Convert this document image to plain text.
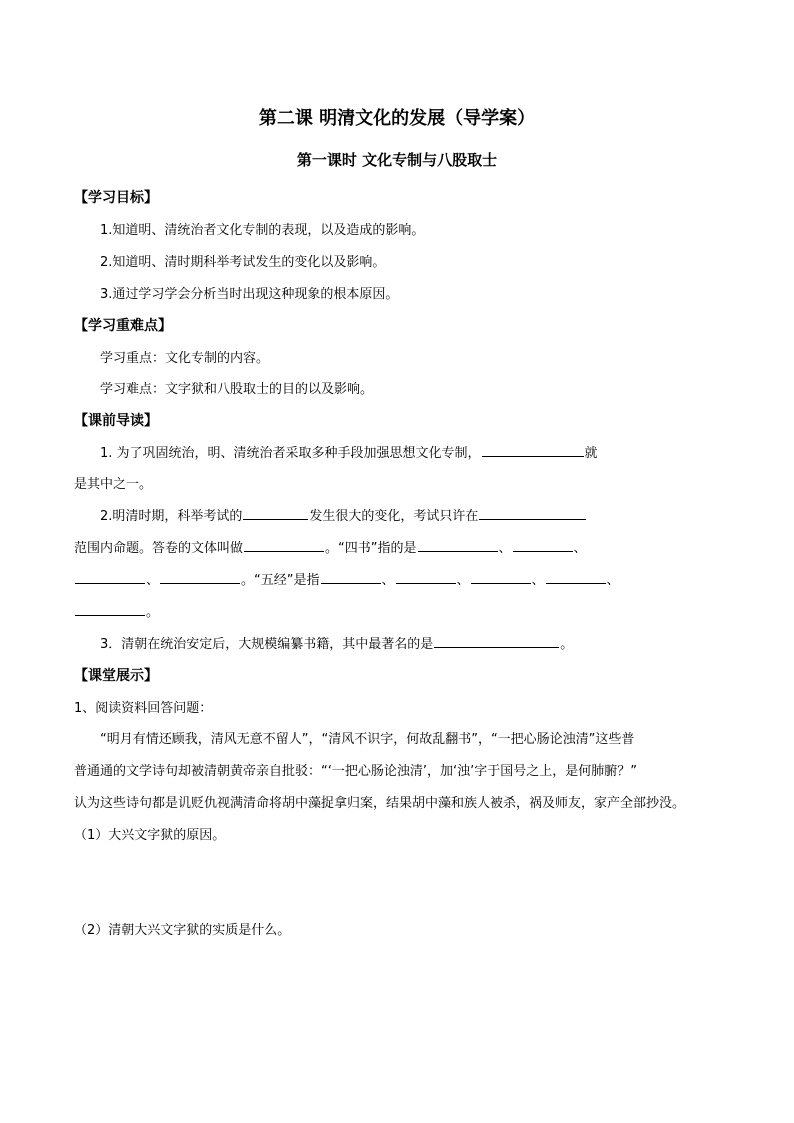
第二课 明清文化的发展（导学案）
第一课时 文化专制与八股取士
【学习目标】
1.知道明、清统治者文化专制的表现，以及造成的影响。
2.知道明、清时期科举考试发生的变化以及影响。
3.通过学习学会分析当时出现这种现象的根本原因。
【学习重难点】
学习重点：文化专制的内容。
学习难点：文字狱和八股取士的目的以及影响。
【课前导读】
1. 为了巩固统治，明、清统治者采取多种手段加强思想文化专制，	就
是其中之一。
2.明清时期，科举考试的	发生很大的变化，考试只许在
范围内命题。答卷的文体叫做	。“四书”指的是	、	、
、	。“五经”是指	、	、	、	、
。
3．清朝在统治安定后，大规模编纂书籍，其中最著名的是	。
【课堂展示】
1、阅读资料回答问题：
“明月有情还顾我，清风无意不留人”，“清风不识字，何故乱翻书”，“一把心肠论浊清”这些普
普通通的文学诗句却被清朝黄帝亲自批驳：“‘一把心肠论浊清’，加‘浊’字于国号之上，是何肺腑？”
认为这些诗句都是讥贬仇视满清命将胡中藻捉拿归案，结果胡中藻和族人被杀，祸及师友，家产全部抄没。
（1）大兴文字狱的原因。
（2）清朝大兴文字狱的实质是什么。
